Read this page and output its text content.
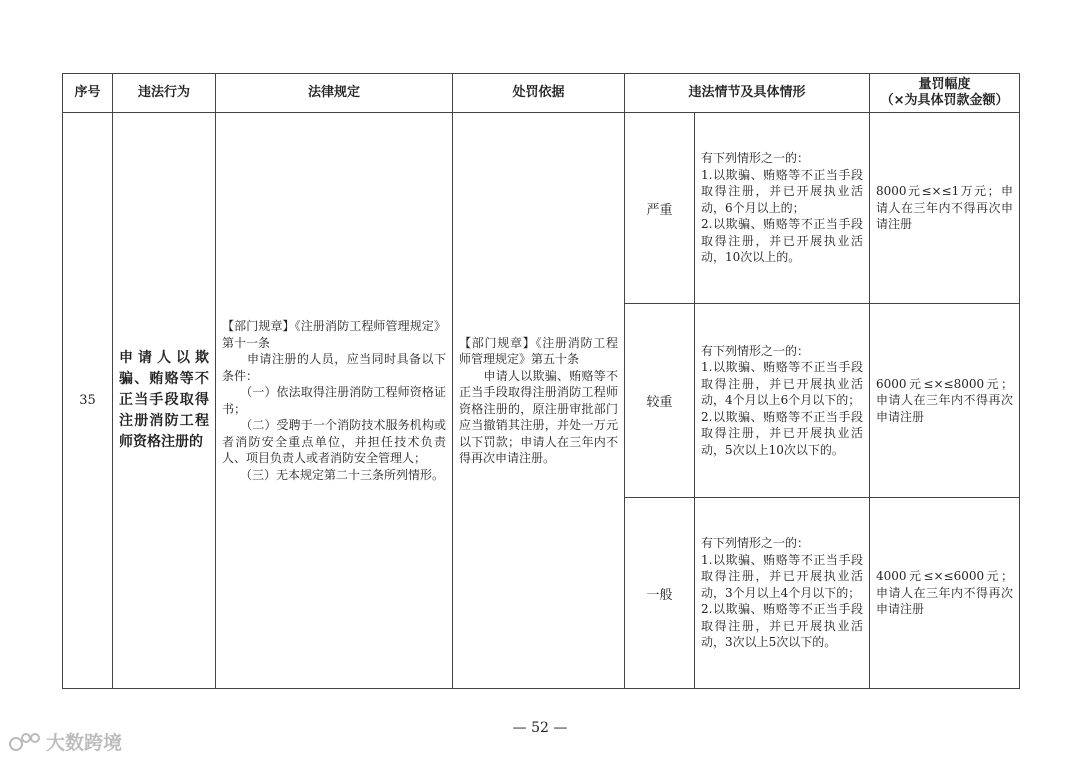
序号	违法行为	法律规定	处罚依据	违法情节及具体情形		量罚幅度
（×为具体罚款金额）
35	申请人以欺骗、贿赂等不正当手段取得注册消防工程师资格注册的	【部门规章】《注册消防工程师管理规定》第十一条
　　申请注册的人员，应当同时具备以下条件：
　　（一）依法取得注册消防工程师资格证书；
　　（二）受聘于一个消防技术服务机构或者消防安全重点单位，并担任技术负责人、项目负责人或者消防安全管理人；
　　（三）无本规定第二十三条所列情形。	【部门规章】《注册消防工程师管理规定》第五十条
　　申请人以欺骗、贿赂等不正当手段取得注册消防工程师资格注册的，原注册审批部门应当撤销其注册，并处一万元以下罚款；申请人在三年内不得再次申请注册。	严重	有下列情形之一的：
1.以欺骗、贿赂等不正当手段取得注册，并已开展执业活动，6个月以上的；
2.以欺骗、贿赂等不正当手段取得注册，并已开展执业活动，10次以上的。	8000元≤×≤1万元；申请人在三年内不得再次申请注册
				较重	有下列情形之一的：
1.以欺骗、贿赂等不正当手段取得注册，并已开展执业活动，4个月以上6个月以下的；
2.以欺骗、贿赂等不正当手段取得注册，并已开展执业活动，5次以上10次以下的。	6000元≤×≤8000元；申请人在三年内不得再次申请注册
				一般	有下列情形之一的：
1.以欺骗、贿赂等不正当手段取得注册，并已开展执业活动，3个月以上4个月以下的；
2.以欺骗、贿赂等不正当手段取得注册，并已开展执业活动，3次以上5次以下的。	4000元≤×≤6000元；申请人在三年内不得再次申请注册
— 52 —
大数跨境
